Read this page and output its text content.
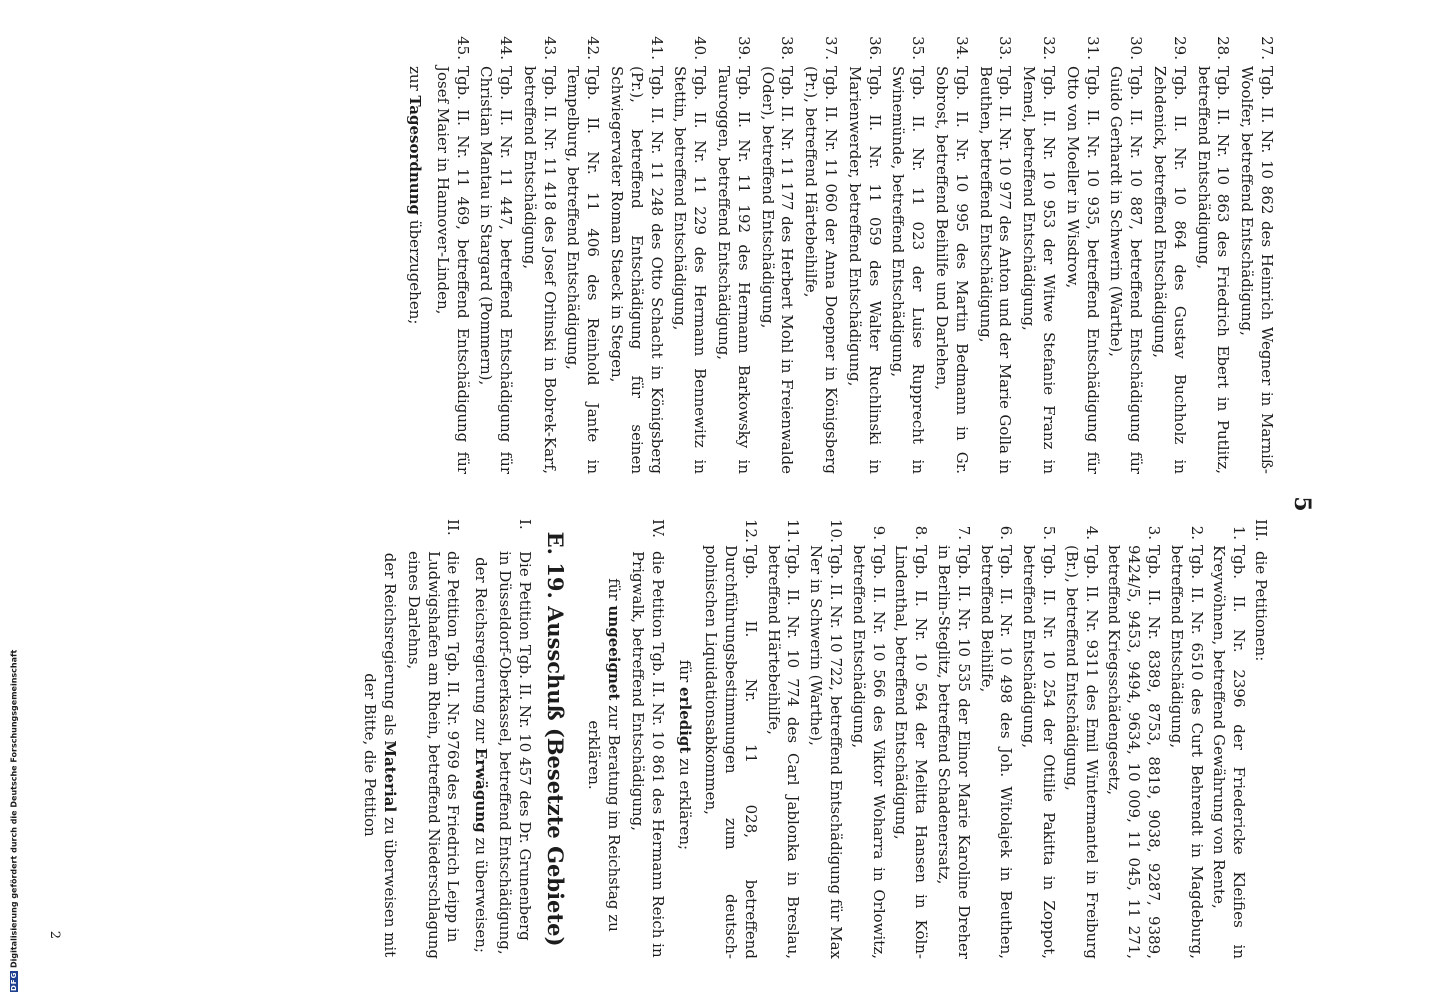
DFG
Digitalisierung gefördert durch die Deutsche Forschungsgemeinschaft
5
27.
Tgb. II. Nr. 10 862 des Heinrich Wegner in Marniß-Woolfer, betreffend Entschädigung,
28.
Tgb. II. Nr. 10 863 des Friedrich Ebert in Putlitz, betreffend Entschädigung,
29.
Tgb. II. Nr. 10 864 des Gustav Buchholz in Zehdenick, betreffend Entschädigung,
30.
Tgb. II. Nr. 10 887, betreffend Entschädigung für Guido Gerhardt in Schwerin (Warthe),
31.
Tgb. II. Nr. 10 935, betreffend Entschädigung für Otto von Moeller in Wisdrow,
32.
Tgb. II. Nr. 10 953 der Witwe Stefanie Franz in Memel, betreffend Entschädigung,
33.
Tgb. II. Nr. 10 977 des Anton und der Marie Golla in Beuthen, betreffend Entschädigung,
34.
Tgb. II. Nr. 10 995 des Martin Bedmann in Gr. Sobrost, betreffend Beihilfe und Darlehen,
35.
Tgb. II. Nr. 11 023 der Luise Rupprecht in Swinemünde, betreffend Entschädigung,
36.
Tgb. II. Nr. 11 059 des Walter Ruchlinski in Marienwerder, betreffend Entschädigung,
37.
Tgb. II. Nr. 11 060 der Anna Doepner in Königsberg (Pr.), betreffend Härtebeihilfe,
38.
Tgb. II. Nr. 11 177 des Herbert Mohl in Freienwalde (Oder), betreffend Entschädigung,
39.
Tgb. II. Nr. 11 192 des Hermann Barkowsky in Tauroggen, betreffend Entschädigung,
40.
Tgb. II. Nr. 11 229 des Hermann Bennewitz in Stettin, betreffend Entschädigung,
41.
Tgb. II. Nr. 11 248 des Otto Schacht in Königsberg (Pr.), betreffend Entschädigung für seinen Schwiegervater Roman Staeck in Stegen,
42.
Tgb. II. Nr. 11 406 des Reinhold Jante in Tempelburg, betreffend Entschädigung,
43.
Tgb. II. Nr. 11 418 des Josef Orlinski in Bobrek-Karf, betreffend Entschädigung,
44.
Tgb. II. Nr. 11 447, betreffend Entschädigung für Christian Mantau in Stargard (Pommern),
45.
Tgb. II. Nr. 11 469, betreffend Entschädigung für Josef Maier in Hannover-Linden,
zur Tagesordnung überzugehen;
III.
die Petitionen:
1.
Tgb. II. Nr. 2396 der Friedericke Kleifies in Kreywöhnen, betreffend Gewährung von Rente,
2.
Tgb. II. Nr. 6510 des Curt Behrendt in Magdeburg, betreffend Entschädigung,
3.
Tgb. II. Nr. 8389, 8753, 8819, 9038, 9287, 9389, 9424/5, 9453, 9494, 9634, 10 009, 11 045, 11 271, betreffend Kriegsschädengesetz,
4.
Tgb. II. Nr. 9311 des Emil Wintermantel in Freiburg (Br.), betreffend Entschädigung,
5.
Tgb. II. Nr. 10 254 der Ottilie Pakitta in Zoppot, betreffend Entschädigung,
6.
Tgb. II. Nr. 10 498 des Joh. Witolajek in Beuthen, betreffend Beihilfe,
7.
Tgb. II. Nr. 10 535 der Elinor Marie Karoline Dreher in Berlin-Steglitz, betreffend Schadenersatz,
8.
Tgb. II. Nr. 10 564 der Melitta Hansen in Köln-Lindenthal, betreffend Entschädigung,
9.
Tgb. II. Nr. 10 566 des Viktor Woharra in Orlowitz, betreffend Entschädigung,
10.
Tgb. II. Nr. 10 722, betreffend Entschädigung für Max Ner in Schwerin (Warthe),
11.
Tgb. II. Nr. 10 774 des Carl Jablonka in Breslau, betreffend Härtebeihilfe,
12.
Tgb. II. Nr. 11 028, betreffend Durchführungsbestimmungen zum deutsch-polnischen Liquidationsabkommen,
für erledigt zu erklären;
IV.
die Petition Tgb. II. Nr. 10 861 des Hermann Reich in Prigwalk, betreffend Entschädigung,
für ungeeignet zur Beratung im Reichstag zu erklären.
E. 19. Ausschuß (Besetzte Gebiete)
I.
Die Petition Tgb. II. Nr. 10 457 des Dr. Grunenberg in Düsseldorf-Oberkassel, betreffend Entschädigung,
der Reichsregierung zur Erwägung zu überweisen;
II.
die Petition Tgb. II. Nr. 9769 des Friedrich Leipp in Ludwigshafen am Rhein, betreffend Niederschlagung eines Darlehns,
der Reichsregierung als Material zu überweisen mit der Bitte, die Petition
2
